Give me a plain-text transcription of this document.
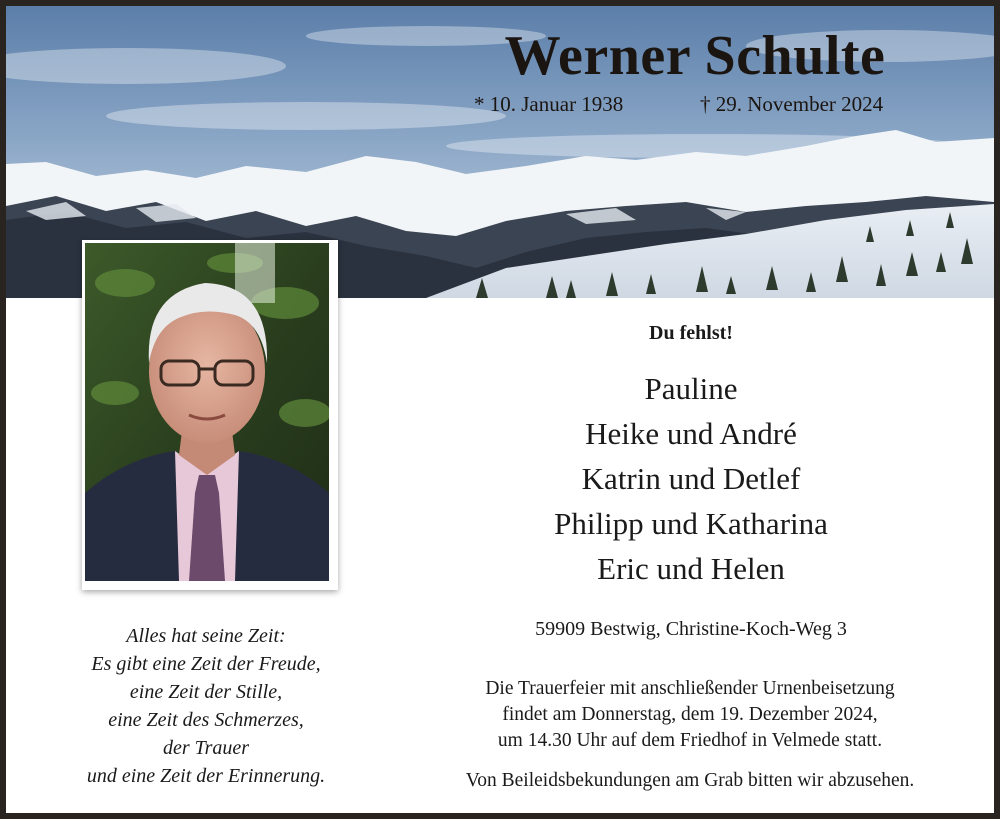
Werner Schulte
* 10. Januar 1938	† 29. November 2024
Du fehlst!
Pauline
Heike und André
Katrin und Detlef
Philipp und Katharina
Eric und Helen
59909 Bestwig, Christine-Koch-Weg 3
Die Trauerfeier mit anschließender Urnenbeisetzung
findet am Donnerstag, dem 19. Dezember 2024,
um 14.30 Uhr auf dem Friedhof in Velmede statt.
Von Beileidsbekundungen am Grab bitten wir abzusehen.
Alles hat seine Zeit:
Es gibt eine Zeit der Freude,
eine Zeit der Stille,
eine Zeit des Schmerzes,
der Trauer
und eine Zeit der Erinnerung.
